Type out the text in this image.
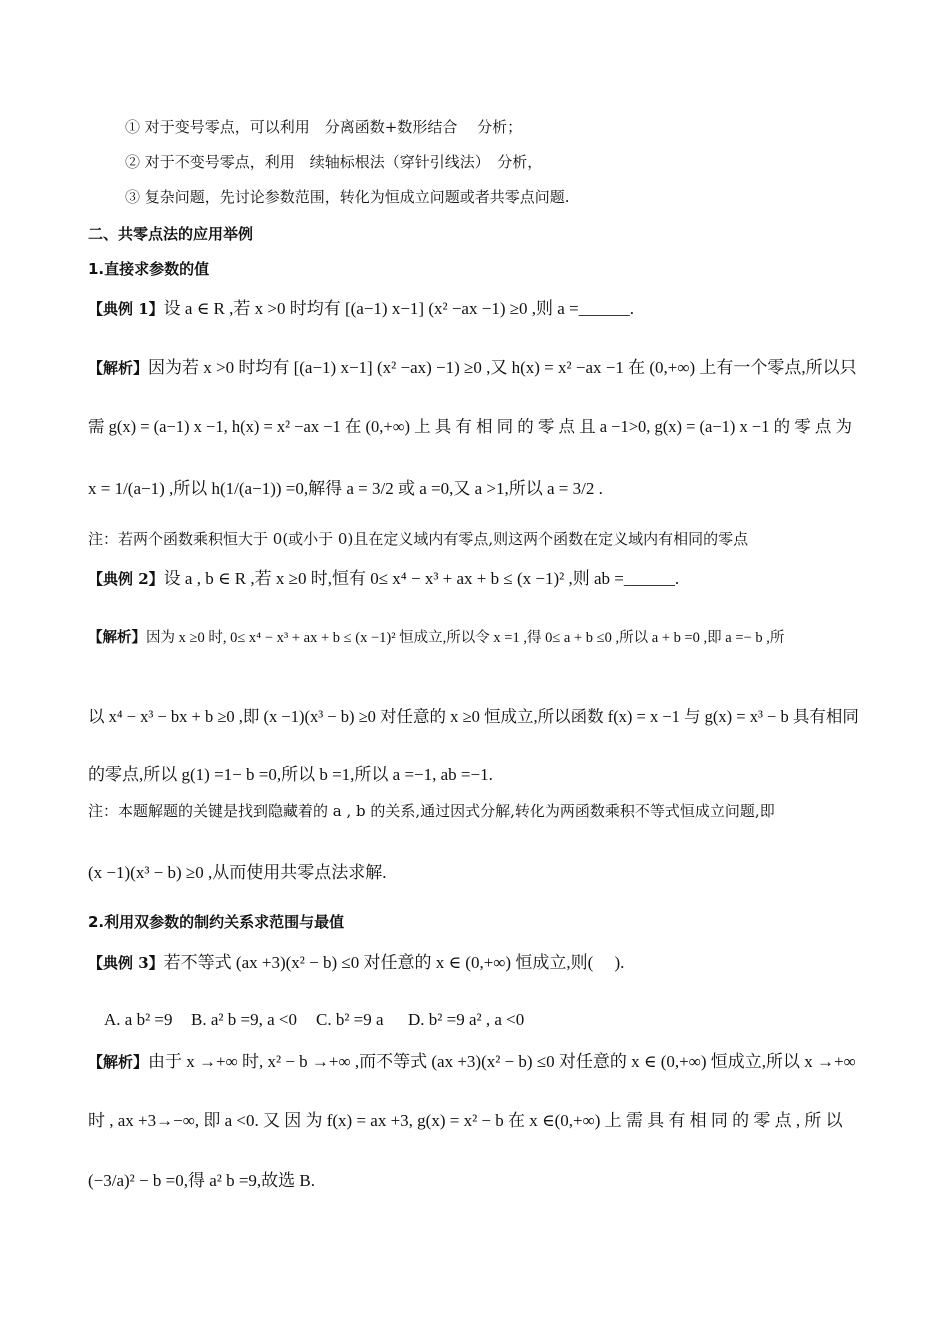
① 对于变号零点，可以利用　分离函数+数形结合　 分析；
② 对于不变号零点，利用　续轴标根法（穿针引线法）　分析，
③ 复杂问题，先讨论参数范围，转化为恒成立问题或者共零点问题.
二、共零点法的应用举例
1.直接求参数的值
【典例 1】设 a ∈ R ,若 x >0 时均有 [(a−1) x−1] (x² −ax −1) ≥0 ,则 a =______.
【解析】因为若 x >0 时均有 [(a−1) x−1] (x² −ax) −1) ≥0 ,又 h(x) = x² −ax −1 在 (0,+∞) 上有一个零点,所以只
需 g(x) = (a−1) x −1, h(x) = x² −ax −1 在 (0,+∞) 上 具 有 相 同 的 零 点 且 a −1>0, g(x) = (a−1) x −1 的 零 点 为
x = 1/(a−1) ,所以 h(1/(a−1)) =0,解得 a = 3/2 或 a =0,又 a >1,所以 a = 3/2 .
注：若两个函数乘积恒大于 0(或小于 0)且在定义域内有零点,则这两个函数在定义域内有相同的零点
【典例 2】设 a , b ∈ R ,若 x ≥0 时,恒有 0≤ x⁴ − x³ + ax + b ≤ (x −1)² ,则 ab =______.
【解析】因为 x ≥0 时, 0≤ x⁴ − x³ + ax + b ≤ (x −1)² 恒成立,所以令 x =1 ,得 0≤ a + b ≤0 ,所以 a + b =0 ,即 a =− b ,所
以 x⁴ − x³ − bx + b ≥0 ,即 (x −1)(x³ − b) ≥0 对任意的 x ≥0 恒成立,所以函数 f(x) = x −1 与 g(x) = x³ − b 具有相同
的零点,所以 g(1) =1− b =0,所以 b =1,所以 a =−1, ab =−1.
注：本题解题的关键是找到隐藏着的 a , b 的关系,通过因式分解,转化为两函数乘积不等式恒成立问题,即
(x −1)(x³ − b) ≥0 ,从而使用共零点法求解.
2.利用双参数的制约关系求范围与最值
【典例 3】若不等式 (ax +3)(x² − b) ≤0 对任意的 x ∈ (0,+∞) 恒成立,则(　 ).
A. a b² =9 B. a² b =9, a <0 C. b² =9 a D. b² =9 a² , a <0
【解析】由于 x →+∞ 时, x² − b →+∞ ,而不等式 (ax +3)(x² − b) ≤0 对任意的 x ∈ (0,+∞) 恒成立,所以 x →+∞
时 , ax +3→−∞, 即 a <0. 又 因 为 f(x) = ax +3, g(x) = x² − b 在 x ∈(0,+∞) 上 需 具 有 相 同 的 零 点 , 所 以
(−3/a)² − b =0,得 a² b =9,故选 B.
